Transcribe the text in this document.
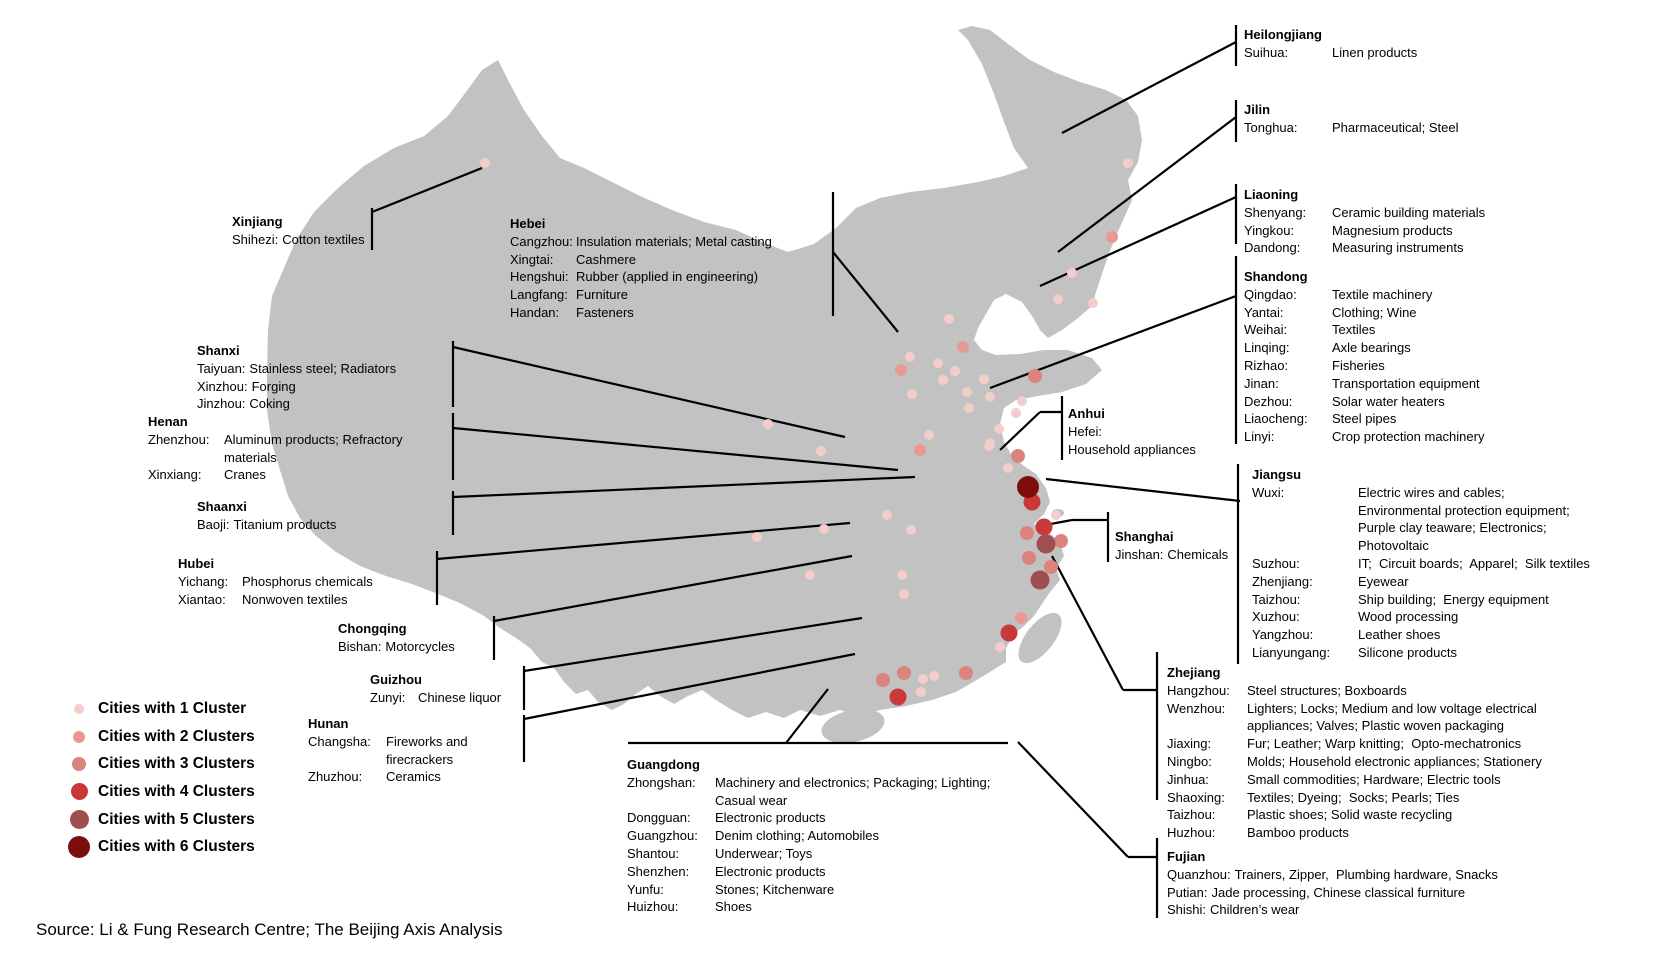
Heilongjiang
Suihua:	Linen products
Jilin
Tonghua:	Pharmaceutical; Steel
Liaoning
Shenyang:	Ceramic building materials
Yingkou:	Magnesium products
Dandong:	Measuring instruments
Shandong
Qingdao:	Textile machinery
Yantai:	Clothing; Wine
Weihai:	Textiles
Linqing:	Axle bearings
Rizhao:	Fisheries
Jinan:	Transportation equipment
Dezhou:	Solar water heaters
Liaocheng:	Steel pipes
Linyi:	Crop protection machinery
Jiangsu
Wuxi:	Electric wires and cables;
Environmental protection equipment;
Purple clay teaware; Electronics;
Photovoltaic
Suzhou:	IT;  Circuit boards;  Apparel;  Silk textiles
Zhenjiang:	Eyewear
Taizhou:	Ship building;  Energy equipment
Xuzhou:	Wood processing
Yangzhou:	Leather shoes
Lianyungang:	Silicone products
Zhejiang
Hangzhou:	Steel structures; Boxboards
Wenzhou:	Lighters; Locks; Medium and low voltage electrical
appliances; Valves; Plastic woven packaging
Jiaxing:	Fur; Leather; Warp knitting;  Opto-mechatronics
Ningbo:	Molds; Household electronic appliances; Stationery
Jinhua:	Small commodities; Hardware; Electric tools
Shaoxing:	Textiles; Dyeing;  Socks; Pearls; Ties
Taizhou:	Plastic shoes; Solid waste recycling
Huzhou:	Bamboo products
Fujian
Quanzhou: Trainers, Zipper,  Plumbing hardware, Snacks
Putian: Jade processing, Chinese classical furniture
Shishi: Children’s wear
Shanghai
Jinshan: Chemicals
Anhui
Hefei:
Household appliances
Xinjiang
Shihezi: Cotton textiles
Hebei
Cangzhou: Insulation materials; Metal casting
Xingtai:	Cashmere
Hengshui: Rubber (applied in engineering)
Langfang: Furniture
Handan:	Fasteners
Shanxi
Taiyuan: Stainless steel; Radiators
Xinzhou: Forging
Jinzhou: Coking
Henan
Zhenzhou:	Aluminum products; Refractory
materials
Xinxiang:	Cranes
Shaanxi
Baoji: Titanium products
Hubei
Yichang:	Phosphorus chemicals
Xiantao:	Nonwoven textiles
Chongqing
Bishan: Motorcycles
Guizhou
Zunyi: Chinese liquor
Hunan
Changsha:	Fireworks and
firecrackers
Zhuzhou:	Ceramics
Guangdong
Zhongshan:	Machinery and electronics; Packaging; Lighting;
Casual wear
Dongguan:	Electronic products
Guangzhou:	Denim clothing; Automobiles
Shantou:	Underwear; Toys
Shenzhen:	Electronic products
Yunfu:	Stones; Kitchenware
Huizhou:	Shoes
Cities with 1 Cluster
Cities with 2 Clusters
Cities with 3 Clusters
Cities with 4 Clusters
Cities with 5 Clusters
Cities with 6 Clusters
Source: Li & Fung Research Centre; The Beijing Axis Analysis
